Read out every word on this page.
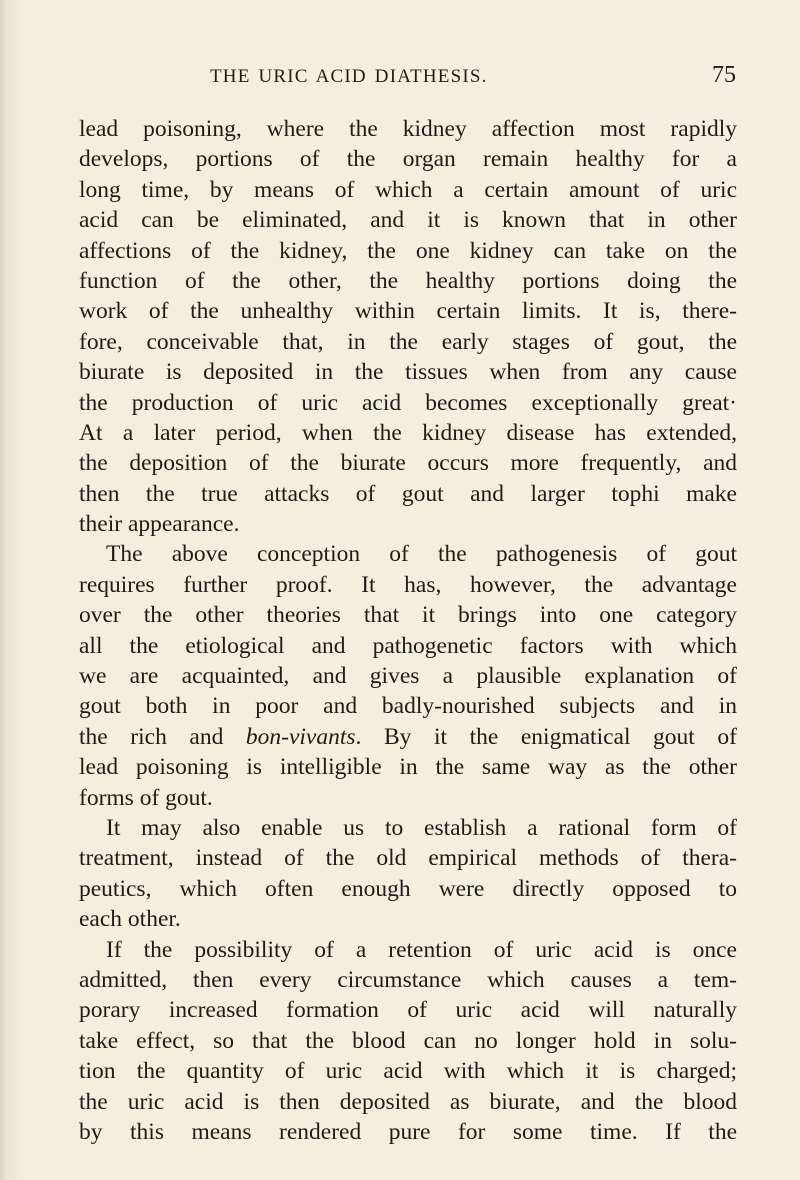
THE URIC ACID DIATHESIS.	75
lead poisoning, where the kidney affection most rapidly
develops, portions of the organ remain healthy for a
long time, by means of which a certain amount of uric
acid can be eliminated, and it is known that in other
affections of the kidney, the one kidney can take on the
function of the other, the healthy portions doing the
work of the unhealthy within certain limits. It is, there-
fore, conceivable that, in the early stages of gout, the
biurate is deposited in the tissues when from any cause
the production of uric acid becomes exceptionally great·
At a later period, when the kidney disease has extended,
the deposition of the biurate occurs more frequently, and
then the true attacks of gout and larger tophi make
their appearance.
The above conception of the pathogenesis of gout
requires further proof. It has, however, the advantage
over the other theories that it brings into one category
all the etiological and pathogenetic factors with which
we are acquainted, and gives a plausible explanation of
gout both in poor and badly-nourished subjects and in
the rich and bon-vivants. By it the enigmatical gout of
lead poisoning is intelligible in the same way as the other
forms of gout.
It may also enable us to establish a rational form of
treatment, instead of the old empirical methods of thera-
peutics, which often enough were directly opposed to
each other.
If the possibility of a retention of uric acid is once
admitted, then every circumstance which causes a tem-
porary increased formation of uric acid will naturally
take effect, so that the blood can no longer hold in solu-
tion the quantity of uric acid with which it is charged;
the uric acid is then deposited as biurate, and the blood
by this means rendered pure for some time. If the
